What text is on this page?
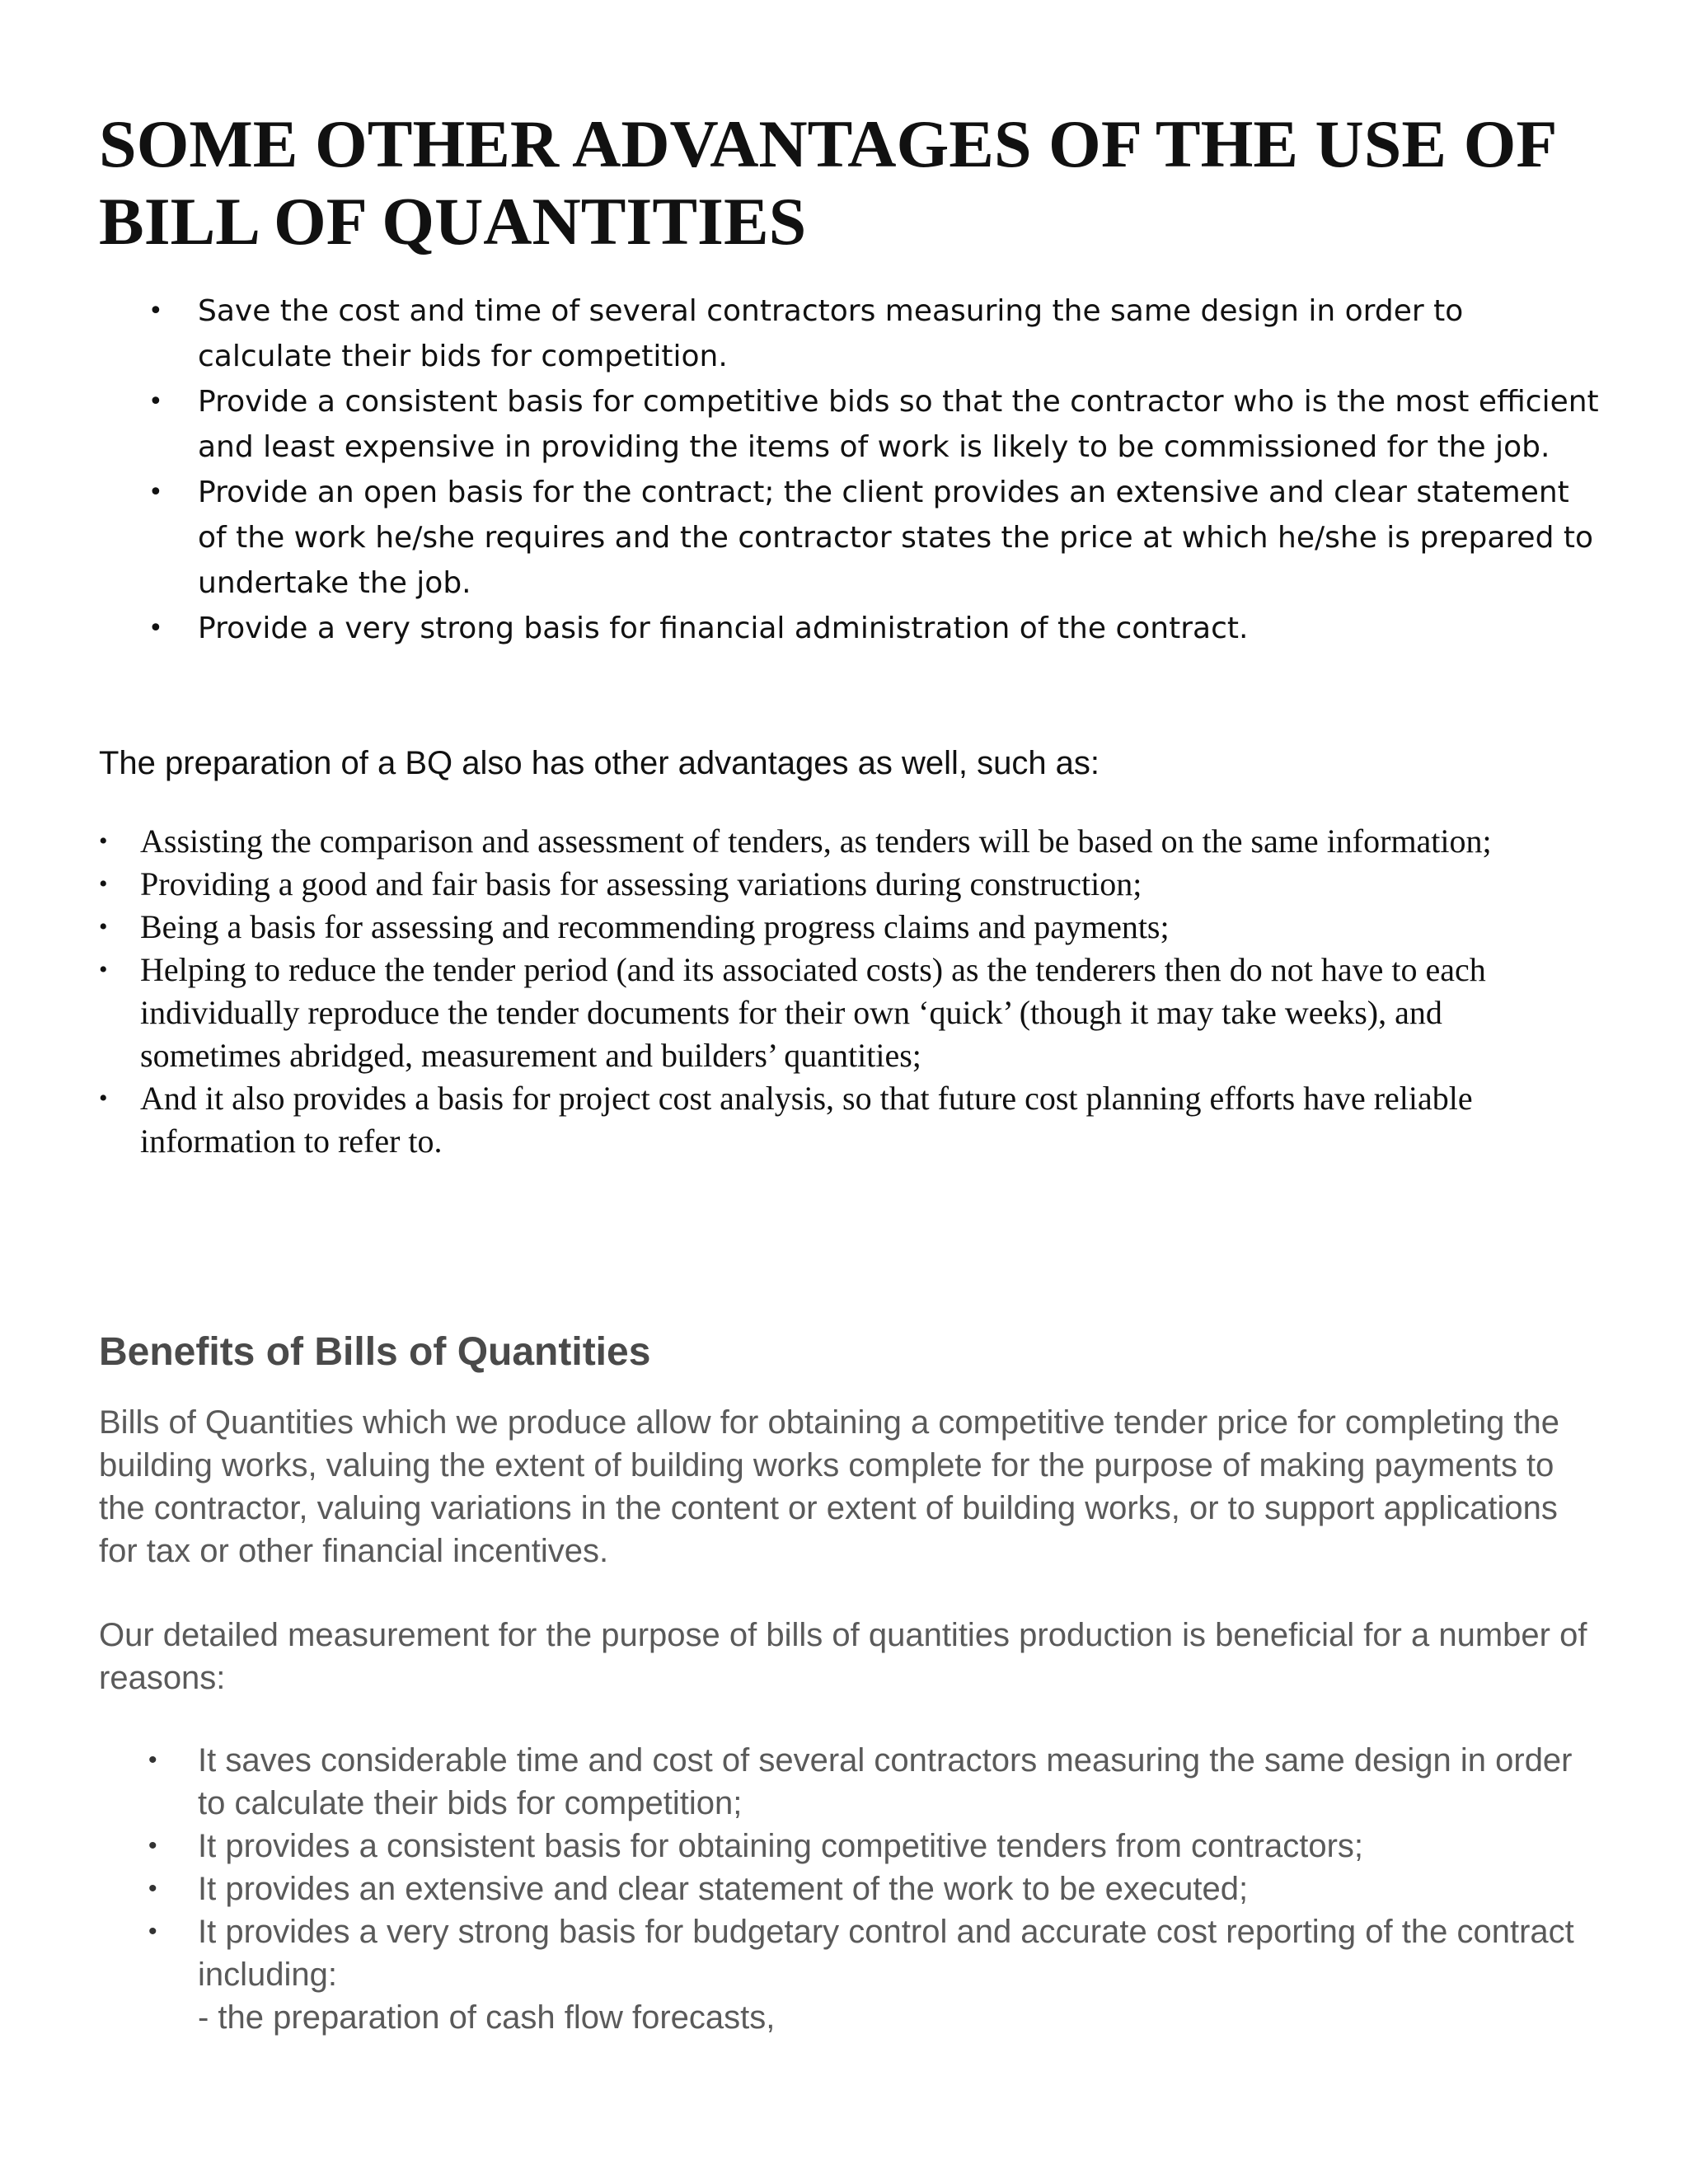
SOME OTHER ADVANTAGES OF THE USE OF BILL OF QUANTITIES
• Save the cost and time of several contractors measuring the same design in order to calculate their bids for competition.
• Provide a consistent basis for competitive bids so that the contractor who is the most efficient and least expensive in providing the items of work is likely to be commissioned for the job.
• Provide an open basis for the contract; the client provides an extensive and clear statement of the work he/she requires and the contractor states the price at which he/she is prepared to undertake the job.
• Provide a very strong basis for financial administration of the contract.

The preparation of a BQ also has other advantages as well, such as:

• Assisting the comparison and assessment of tenders, as tenders will be based on the same information;
• Providing a good and fair basis for assessing variations during construction;
• Being a basis for assessing and recommending progress claims and payments;
• Helping to reduce the tender period (and its associated costs) as the tenderers then do not have to each individually reproduce the tender documents for their own ‘quick’ (though it may take weeks), and sometimes abridged, measurement and builders’ quantities;
• And it also provides a basis for project cost analysis, so that future cost planning efforts have reliable information to refer to.
Benefits of Bills of Quantities

Bills of Quantities which we produce allow for obtaining a competitive tender price for completing the building works, valuing the extent of building works complete for the purpose of making payments to the contractor, valuing variations in the content or extent of building works, or to support applications for tax or other financial incentives.

Our detailed measurement for the purpose of bills of quantities production is beneficial for a number of reasons:

• It saves considerable time and cost of several contractors measuring the same design in order to calculate their bids for competition;
• It provides a consistent basis for obtaining competitive tenders from contractors;
• It provides an extensive and clear statement of the work to be executed;
• It provides a very strong basis for budgetary control and accurate cost reporting of the contract including:
- the preparation of cash flow forecasts,
